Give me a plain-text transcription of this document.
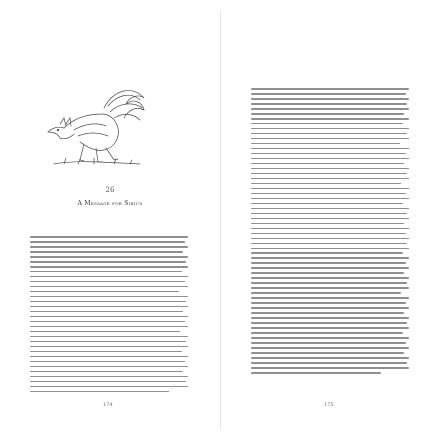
26
A Message for Sirius
174	175
